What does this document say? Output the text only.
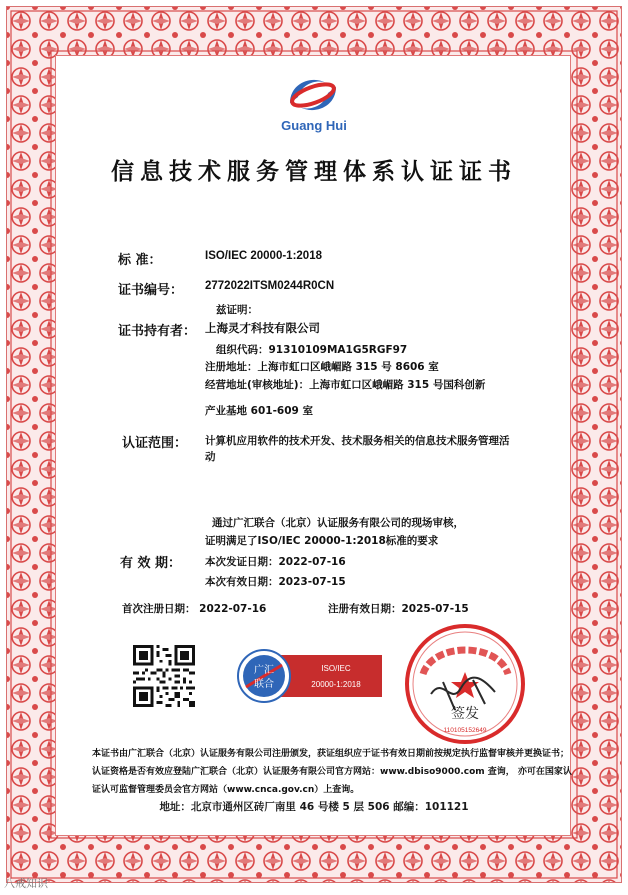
Guang Hui
信息技术服务管理体系认证证书
标 准：	ISO/IEC 20000-1:2018
证书编号： 2772022ITSM0244R0CN
兹证明：
证书持有者： 上海灵才科技有限公司
组织代码：91310109MA1G5RGF97
注册地址：上海市虹口区峨嵋路 315 号 8606 室
经营地址(审核地址)：上海市虹口区峨嵋路 315 号国科创新
产业基地 601-609 室
认证范围： 计算机应用软件的技术开发、技术服务相关的信息技术服务管理活
动
通过广汇联合（北京）认证服务有限公司的现场审核，
证明满足了ISO/IEC 20000-1:2018标准的要求
有 效 期： 本次发证日期：2022-07-16
本次有效日期：2023-07-15
首次注册日期： 2022-07-16	注册有效日期：2025-07-15
广汇
联合
ISO/IEC
20000-1:2018
签发
110105152649
本证书由广汇联合（北京）认证服务有限公司注册颁发，获证组织应于证书有效日期前按规定执行监督审核并更换证书；
认证资格是否有效应登陆广汇联合（北京）认证服务有限公司官方网站：www.dbiso9000.com 查询， 亦可在国家认
证认可监督管理委员会官方网站（www.cnca.gov.cn）上查询。
地址：北京市通州区砖厂南里 46 号楼 5 层 506 邮编：101121
八戒知识
